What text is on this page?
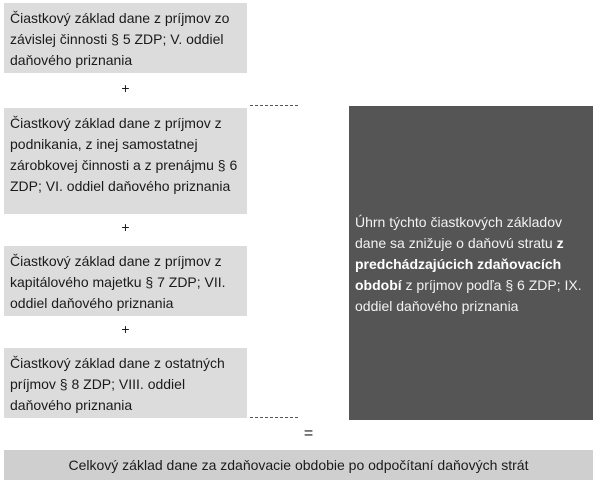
Čiastkový základ dane z príjmov zo závislej činnosti § 5 ZDP; V. oddiel daňového priznania
+
Čiastkový základ dane z príjmov z podnikania, z inej samostatnej zárobkovej činnosti a z prenájmu § 6 ZDP; VI. oddiel daňového priznania
+
Čiastkový základ dane z príjmov z kapitálového majetku § 7 ZDP; VII. oddiel daňového priznania
+
Čiastkový základ dane z ostatných príjmov § 8 ZDP; VIII. oddiel daňového priznania
Úhrn týchto čiastkových základov dane sa znižuje o daňovú stratu z predchádzajúcich zdaňovacích období z príjmov podľa § 6 ZDP; IX. oddiel daňového priznania
=
Celkový základ dane za zdaňovacie obdobie po odpočítaní daňových strát
